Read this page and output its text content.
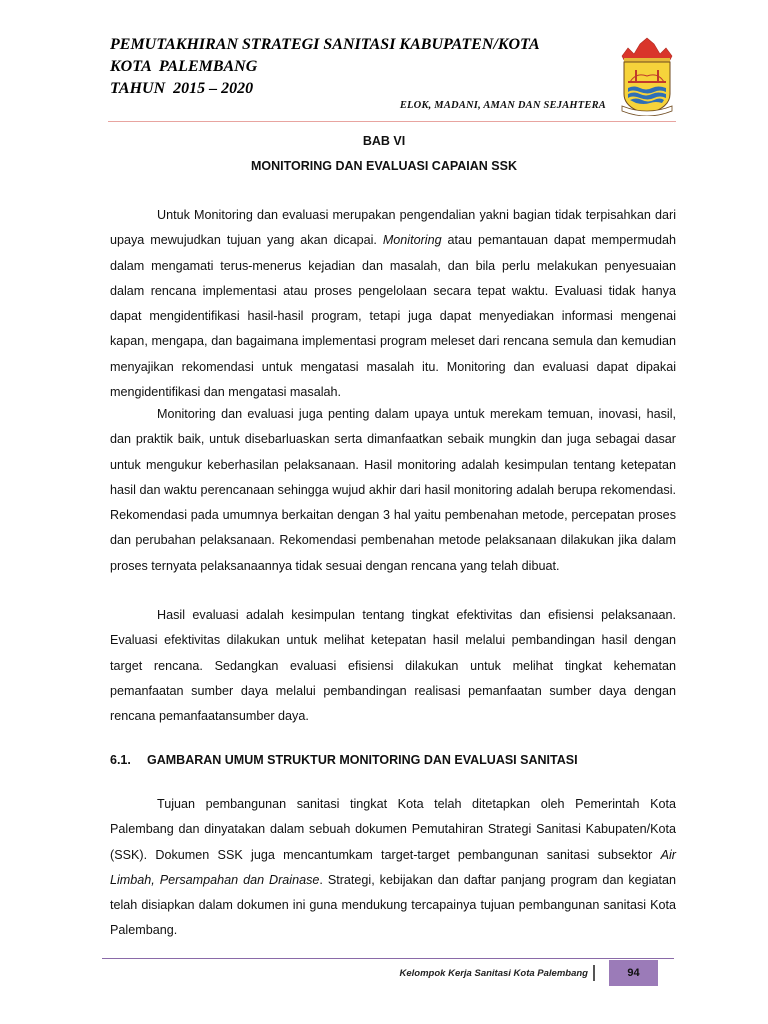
PEMUTAKHIRAN STRATEGI SANITASI KABUPATEN/KOTA
KOTA  PALEMBANG
TAHUN  2015 – 2020
ELOK, MADANI, AMAN DAN SEJAHTERA
BAB VI
MONITORING DAN EVALUASI CAPAIAN SSK

Untuk Monitoring dan evaluasi merupakan pengendalian yakni bagian tidak terpisahkan dari upaya mewujudkan tujuan yang akan dicapai. Monitoring atau pemantauan dapat mempermudah dalam mengamati terus-menerus kejadian dan masalah, dan bila perlu melakukan penyesuaian dalam rencana implementasi atau proses pengelolaan secara tepat waktu. Evaluasi tidak hanya dapat mengidentifikasi hasil-hasil program, tetapi juga dapat menyediakan informasi mengenai kapan, mengapa, dan bagaimana implementasi program meleset dari rencana semula dan kemudian menyajikan rekomendasi untuk mengatasi masalah itu. Monitoring dan evaluasi dapat dipakai mengidentifikasi dan mengatasi masalah.

Monitoring dan evaluasi juga penting dalam upaya untuk merekam temuan, inovasi, hasil, dan praktik baik, untuk disebarluaskan serta dimanfaatkan sebaik mungkin dan juga sebagai dasar untuk mengukur keberhasilan pelaksanaan. Hasil monitoring adalah kesimpulan tentang ketepatan hasil dan waktu perencanaan sehingga wujud akhir dari hasil monitoring adalah berupa rekomendasi. Rekomendasi pada umumnya berkaitan dengan 3 hal yaitu pembenahan metode, percepatan proses dan perubahan pelaksanaan. Rekomendasi pembenahan metode pelaksanaan dilakukan jika dalam proses ternyata pelaksanaannya tidak sesuai dengan rencana yang telah dibuat.

Hasil evaluasi adalah kesimpulan tentang tingkat efektivitas dan efisiensi pelaksanaan. Evaluasi efektivitas dilakukan untuk melihat ketepatan hasil melalui pembandingan hasil dengan target rencana. Sedangkan evaluasi efisiensi dilakukan untuk melihat tingkat kehematan pemanfaatan sumber daya melalui pembandingan realisasi pemanfaatan sumber daya dengan rencana pemanfaatansumber daya.

6.1. GAMBARAN UMUM STRUKTUR MONITORING DAN EVALUASI SANITASI

Tujuan pembangunan sanitasi tingkat Kota telah ditetapkan oleh Pemerintah Kota Palembang dan dinyatakan dalam sebuah dokumen Pemutahiran Strategi Sanitasi Kabupaten/Kota (SSK). Dokumen SSK juga mencantumkam target-target pembangunan sanitasi subsektor Air Limbah, Persampahan dan Drainase. Strategi, kebijakan dan daftar panjang program dan kegiatan telah disiapkan dalam dokumen ini guna mendukung tercapainya tujuan pembangunan sanitasi Kota Palembang.

Kelompok Kerja Sanitasi Kota Palembang	94
